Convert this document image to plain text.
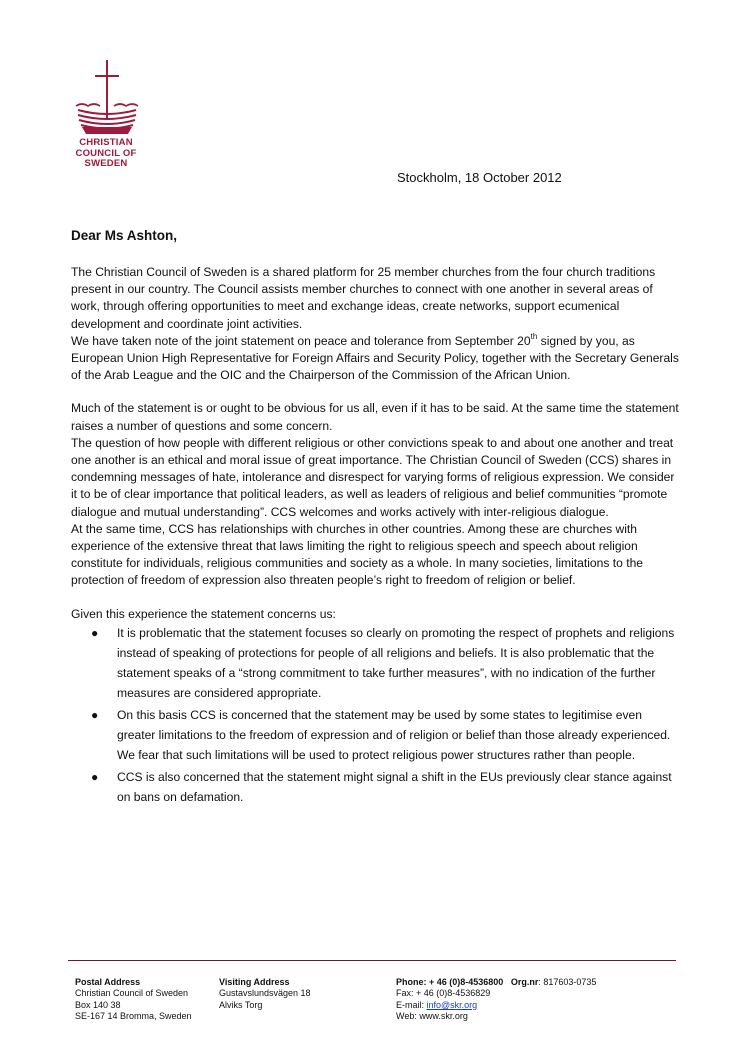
CHRISTIAN
COUNCIL OF
SWEDEN
Stockholm, 18 October 2012
Dear Ms Ashton,

The Christian Council of Sweden is a shared platform for 25 member churches from the four church traditions present in our country. The Council assists member churches to connect with one another in several areas of work, through offering opportunities to meet and exchange ideas, create networks, support ecumenical development and coordinate joint activities.

We have taken note of the joint statement on peace and tolerance from September 20th signed by you, as European Union High Representative for Foreign Affairs and Security Policy, together with the Secretary Generals of the Arab League and the OIC and the Chairperson of the Commission of the African Union.

Much of the statement is or ought to be obvious for us all, even if it has to be said. At the same time the statement raises a number of questions and some concern.

The question of how people with different religious or other convictions speak to and about one another and treat one another is an ethical and moral issue of great importance. The Christian Council of Sweden (CCS) shares in condemning messages of hate, intolerance and disrespect for varying forms of religious expression. We consider it to be of clear importance that political leaders, as well as leaders of religious and belief communities “promote dialogue and mutual understanding”. CCS welcomes and works actively with inter-religious dialogue.

At the same time, CCS has relationships with churches in other countries. Among these are churches with experience of the extensive threat that laws limiting the right to religious speech and speech about religion constitute for individuals, religious communities and society as a whole. In many societies, limitations to the protection of freedom of expression also threaten people’s right to freedom of religion or belief.

Given this experience the statement concerns us:

● It is problematic that the statement focuses so clearly on promoting the respect of prophets and religions instead of speaking of protections for people of all religions and beliefs. It is also problematic that the statement speaks of a “strong commitment to take further measures”, with no indication of the further measures are considered appropriate.
● On this basis CCS is concerned that the statement may be used by some states to legitimise even greater limitations to the freedom of expression and of religion or belief than those already experienced. We fear that such limitations will be used to protect religious power structures rather than people.
● CCS is also concerned that the statement might signal a shift in the EUs previously clear stance against on bans on defamation.
Postal Address
Christian Council of Sweden
Box 140 38
SE-167 14 Bromma, Sweden
Visiting Address
Gustavslundsvägen 18
Alviks Torg
Phone: + 46 (0)8-4536800 Org.nr: 817603-0735
Fax: + 46 (0)8-4536829
E-mail: info@skr.org
Web: www.skr.org
